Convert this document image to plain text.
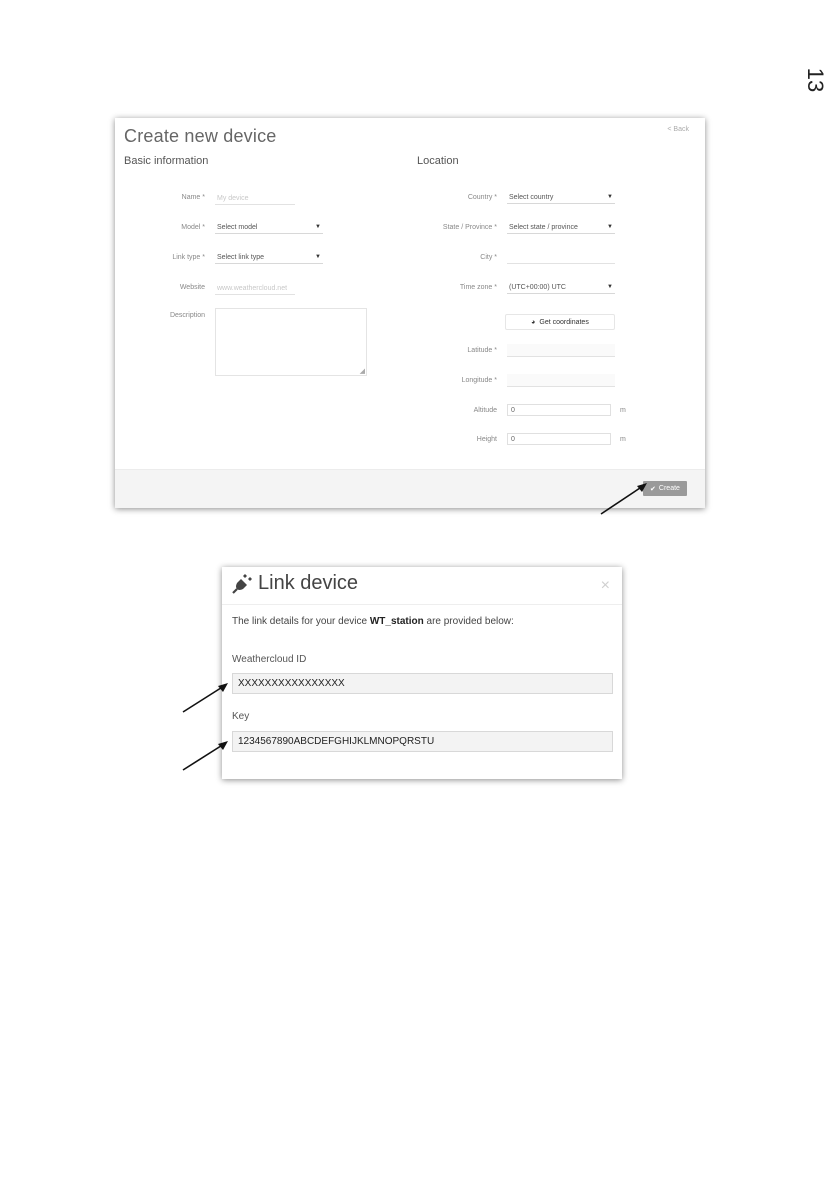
13
Create new device	< Back
Basic information	Location
Name * My device
Model * Select model	▼
Link type * Select link type	▼
Website www.weathercloud.net
Description
◢
Country * Select country	▼
State / Province * Select state / province	▼
City *
Time zone * (UTC+00:00) UTC	▼
◕ Get coordinates
Latitude *
Longitude *
Altitude	0	m
Height	0	m
✔ Create
Link device	×
The link details for your device WT_station are provided below:
Weathercloud ID
XXXXXXXXXXXXXXXX
Key
1234567890ABCDEFGHIJKLMNOPQRSTU
